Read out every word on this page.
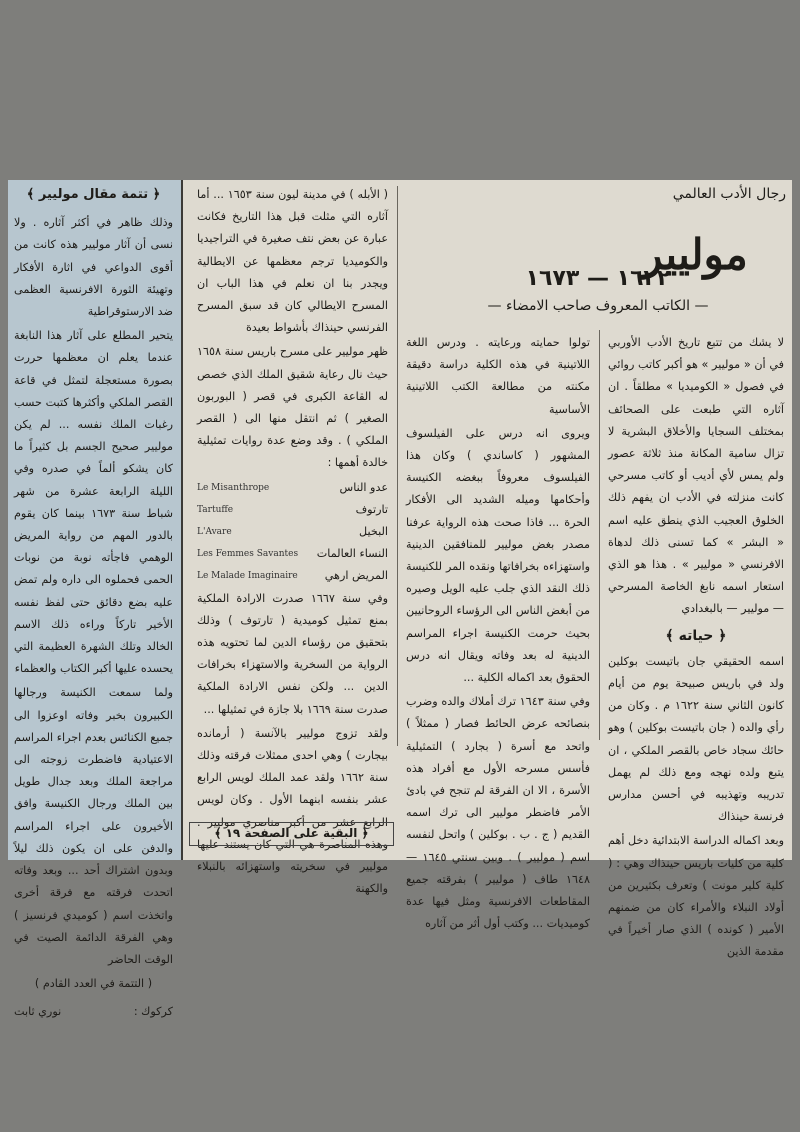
﴿ تتمة مقال موليير ﴾

وذلك ظاهر في أكثر آثاره . ولا نسى أن آثار موليير هذه كانت من أقوى الدواعي في اثارة الأفكار وتهيئة الثورة الافرنسية العظمى ضد الارستوقراطية

يتحير المطلع على آثار هذا النابغة عندما يعلم ان معظمها حررت بصورة مستعجلة لتمثل في قاعة القصر الملكي وأكثرها كتبت حسب رغبات الملك نفسه ... لم يكن موليير صحيح الجسم بل كثيراً ما كان يشكو ألماً في صدره وفي الليلة الرابعة عشرة من شهر شباط سنة ١٦٧٣ بينما كان يقوم بالدور المهم من رواية المريض الوهمي فاجأته نوبة من نوبات الحمى فحملوه الى داره ولم تمض عليه بضع دقائق حتى لفظ نفسه الأخير تاركاً وراءه ذلك الاسم الخالد وتلك الشهرة العظيمة التي يحسده عليها أكبر الكتاب والعظماء

ولما سمعت الكنيسة ورجالها الكبيرون بخبر وفاته اوعزوا الى جميع الكنائس بعدم اجراء المراسم الاعتيادية فاضطرت زوجته الى مراجعة الملك وبعد جدال طويل بين الملك ورجال الكنيسة وافق الأخيرون على اجراء المراسم والدفن على ان يكون ذلك ليلاً وبدون اشتراك أحد ... وبعد وفاته اتحدت فرقته مع فرقة أخرى واتخذت اسم ( كوميدي فرنسيز ) وهي الفرقة الدائمة الصيت في الوقت الحاضر

( التتمة في العدد القادم )
كركوك :
نوري ثابت

( الأبله ) في مدينة ليون سنة ١٦٥٣ ... أما آثاره التي مثلت قبل هذا التاريخ فكانت عبارة عن بعض نتف صغيرة في التراجيديا والكوميديا ترجم معظمها عن الايطالية ويجدر بنا ان نعلم في هذا الباب ان المسرح الايطالي كان قد سبق المسرح الفرنسي حينذاك بأشواط بعيدة

ظهر موليير على مسرح باريس سنة ١٦٥٨ حيث نال رعاية شقيق الملك الذي خصص له القاعة الكبرى في قصر ( البوربون الصغير ) ثم انتقل منها الى ( القصر الملكي ) . وقد وضع عدة روايات تمثيلية خالدة أهمها :

عدو الناس
Le Misanthrope
تارتوف
Tartuffe
البخيل
L'Avare
النساء العالمات
Les Femmes Savantes
المريض ارهي
Le Malade Imaginaire

وفي سنة ١٦٦٧ صدرت الارادة الملكية بمنع تمثيل كوميدية ( تارتوف ) وذلك بتحقيق من رؤساء الدين لما تحتويه هذه الرواية من السخرية والاستهزاء بخرافات الدين ... ولكن نفس الارادة الملكية صدرت سنة ١٦٦٩ بلا جازة في تمثيلها ...

ولقد تزوج موليير بالآنسة ( أرمانده بيجارت ) وهي احدى ممثلات فرقته وذلك سنة ١٦٦٢ ولقد عمد الملك لويس الرابع عشر بنفسه ابنهما الأول . وكان لويس الرابع عشر من أكبر مناصري موليير . وهذه المناصرة هي التي كان يستند عليها موليير في سخريته واستهزائه بالنبلاء والكهنة

﴿ البقية على الصفحة ١٩ ﴾

تولوا حمايته ورعايته . ودرس اللغة اللاتينية في هذه الكلية دراسة دقيقة مكنته من مطالعة الكتب اللاتينية الأساسية

ويروى انه درس على الفيلسوف المشهور ( كاساندي ) وكان هذا الفيلسوف معروفاً ببغضه الكنيسة وأحكامها وميله الشديد الى الأفكار الحرة ... فاذا صحت هذه الرواية عرفنا مصدر بغض موليير للمنافقين الدينية واستهزاءه بخرافاتها ونقده المر للكنيسة ذلك النقد الذي جلب عليه الويل وصيره من أبغض الناس الى الرؤساء الروحانيين بحيث حرمت الكنيسة اجراء المراسم الدينية له بعد وفاته ويقال انه درس الحقوق بعد اكماله الكلية ...

وفي سنة ١٦٤٣ ترك أملاك والده وضرب بنصائحه عرض الحائط فصار ( ممثلاً ) واتحد مع أسرة ( بجارد ) التمثيلية فأسس مسرحه الأول مع أفراد هذه الأسرة ، الا ان الفرقة لم تنجح في بادئ الأمر فاضطر موليير الى ترك اسمه القديم ( ج . ب . بوكلين ) واتحل لنفسه اسم ( موليير ) . وبين سنتي ١٦٤٥ — ١٦٤٨ طاف ( موليير ) بفرقته جميع المقاطعات الافرنسية ومثل فيها عدة كوميديات ... وكتب أول أثر من آثاره

لا يشك من تتبع تاريخ الأدب الأوربي في أن « موليير » هو أكبر كاتب روائي في فصول « الكوميديا » مطلقاً . ان آثاره التي طبعت على الصحائف بمختلف السجايا والأخلاق البشرية لا تزال سامية المكانة منذ ثلاثة عصور ولم يمس لأي أديب أو كاتب مسرحي كانت منزلته في الأدب ان يفهم ذلك الخلوق العجيب الذي ينطق عليه اسم « البشر » كما تسنى ذلك لدهاة الافرنسي « موليير » . هذا هو الذي استعار اسمه نابغ الخاصة المسرحي — موليير — بالبغدادي

﴿ حياته ﴾

اسمه الحقيقي جان باتيست بوكلين ولد في باريس صبيحة يوم من أيام كانون الثاني سنة ١٦٢٢ م . وكان من رأي والده ( جان باتيست بوكلين ) وهو حائك سجاد خاص بالقصر الملكي ، ان يتبع ولده نهجه ومع ذلك لم يهمل تدريبه وتهذيبه في أحسن مدارس فرنسة حينذاك

وبعد اكماله الدراسة الابتدائية دخل أهم كلية من كليات باريس حينذاك وهي : ( كلية كلير مونت ) وتعرف بكثيرين من أولاد النبلاء والأمراء كان من ضمنهم الأمير ( كونده ) الذي صار أخيراً في مقدمة الذين

رجال الأدب العالمي
موليير
١٦٢٢ — ١٦٧٣
— الكاتب المعروف صاحب الامضاء —
